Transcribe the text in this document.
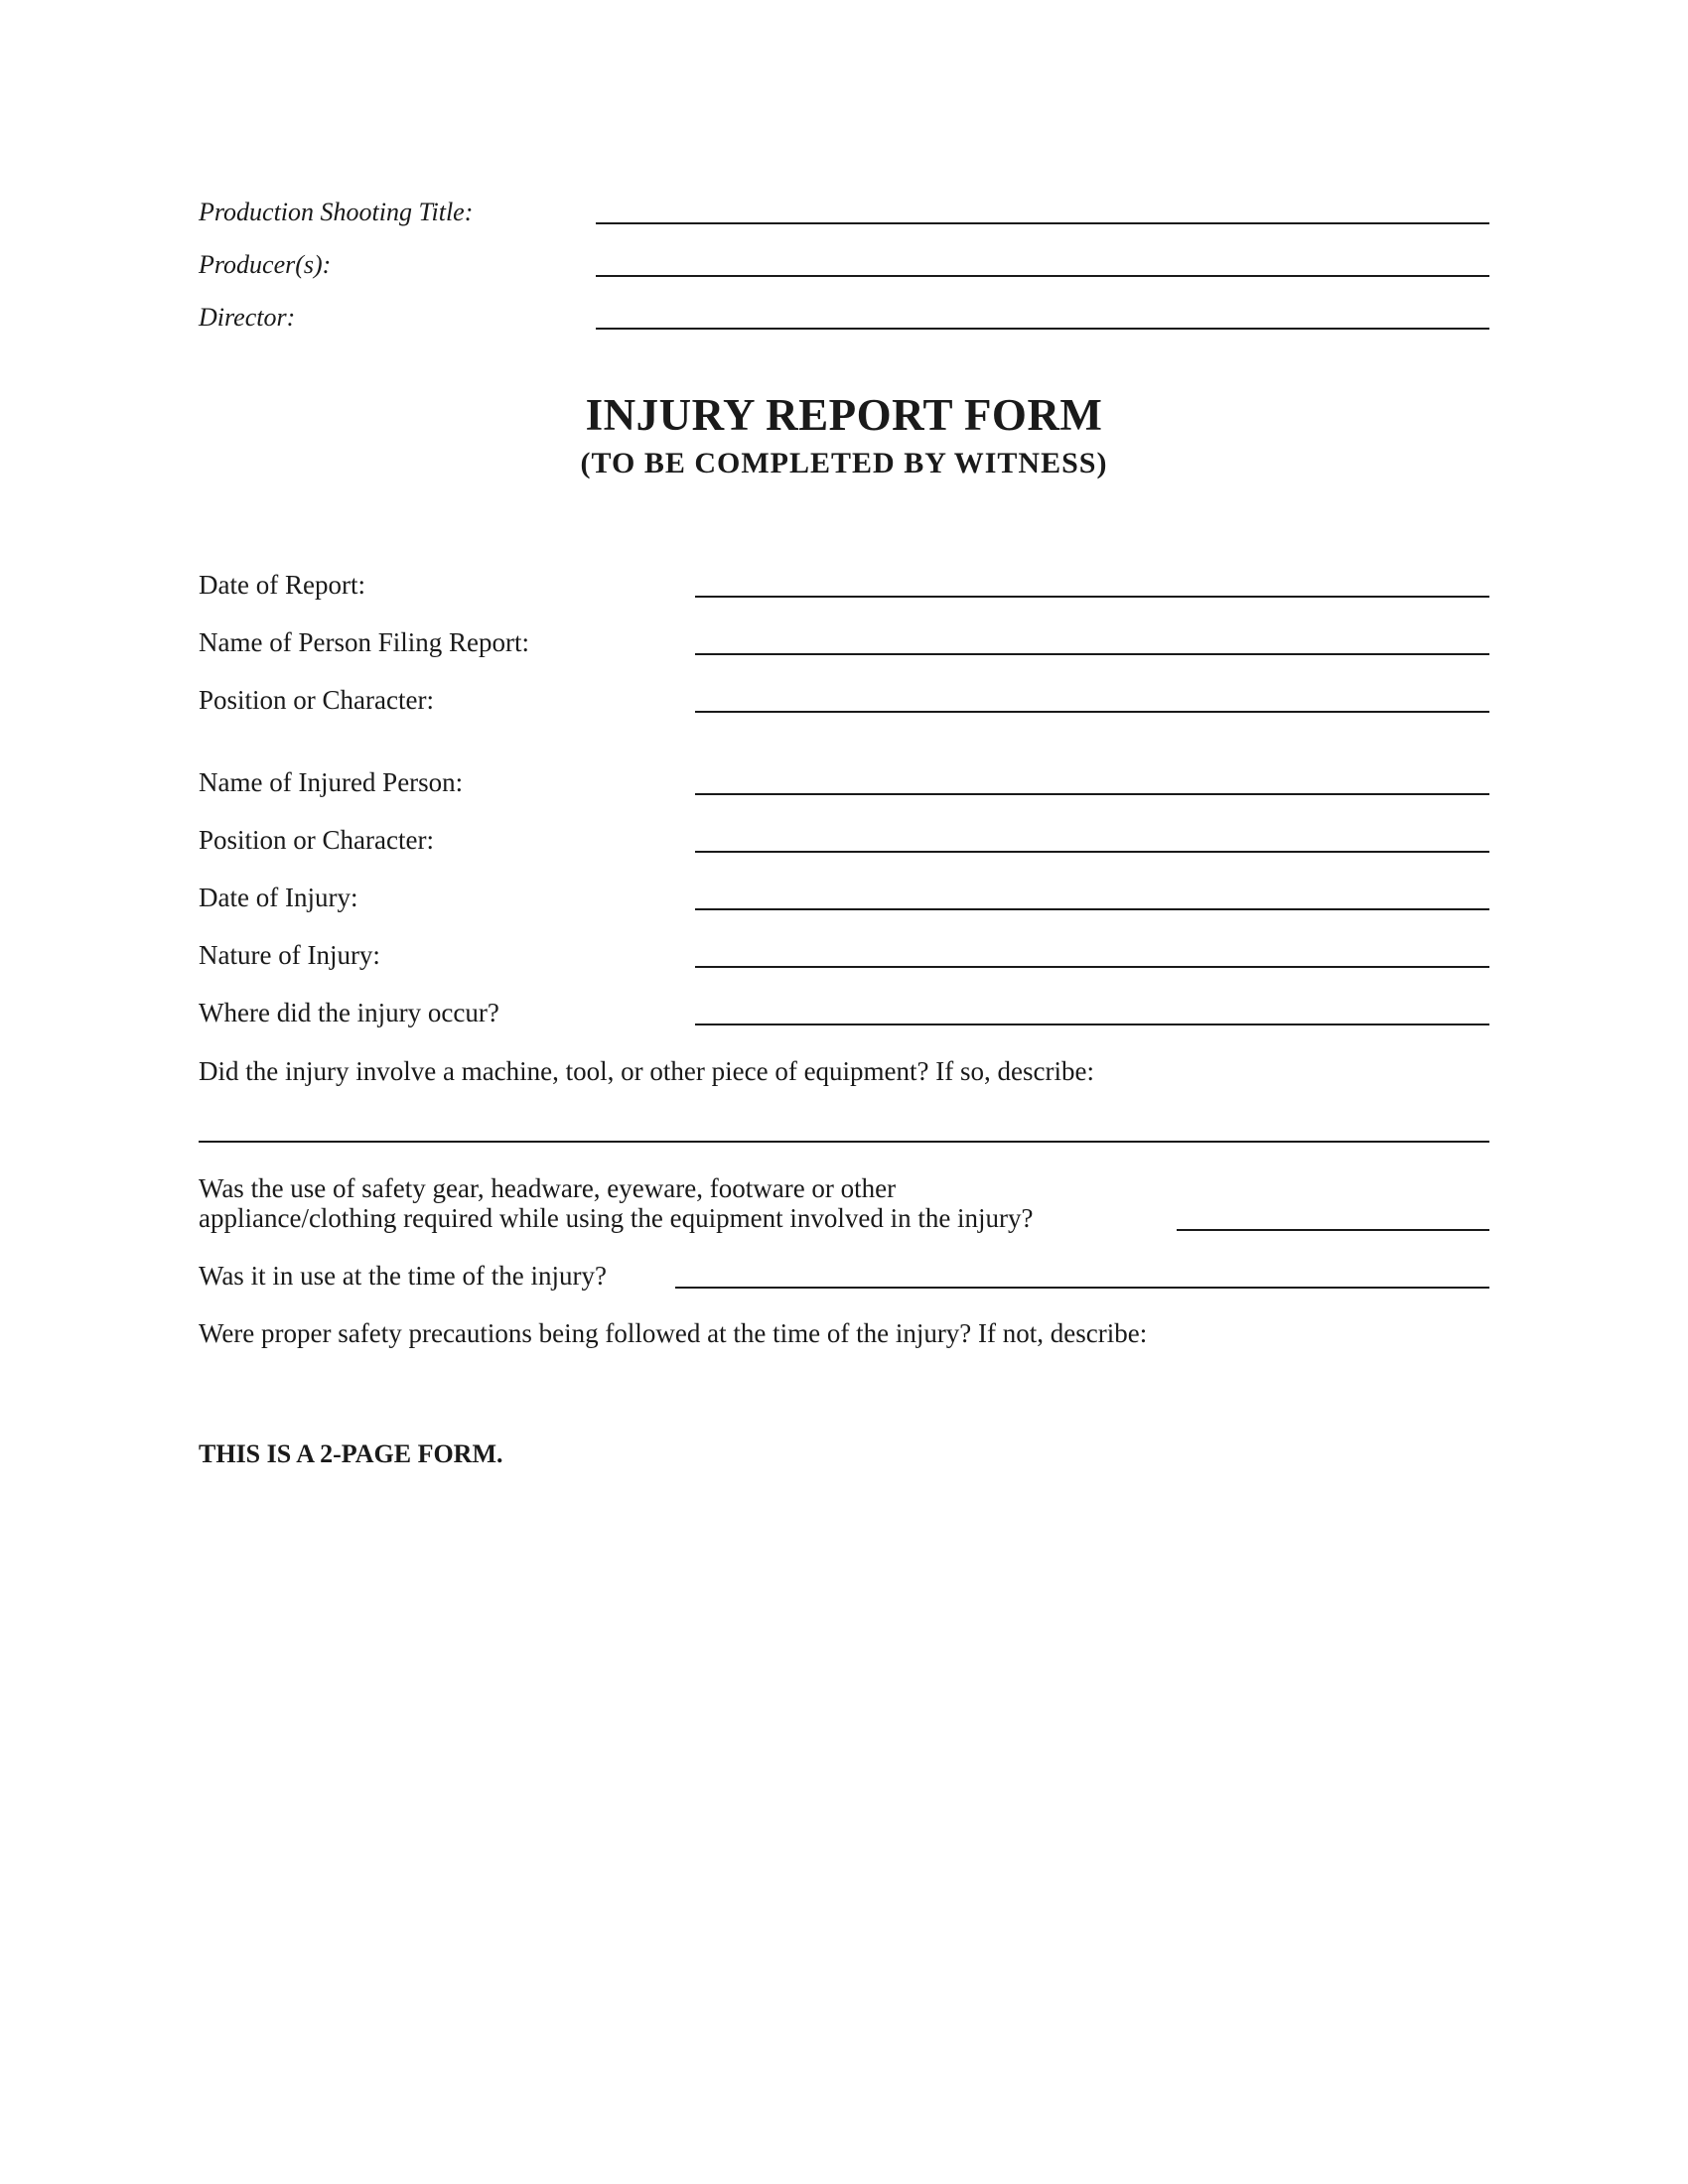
Production Shooting Title:
Producer(s):
Director:
INJURY REPORT FORM
(TO BE COMPLETED BY WITNESS)
Date of Report:
Name of Person Filing Report:
Position or Character:
Name of Injured Person:
Position or Character:
Date of Injury:
Nature of Injury:
Where did the injury occur?
Did the injury involve a machine, tool, or other piece of equipment? If so, describe:
Was the use of safety gear, headware, eyeware, footware or other
appliance/clothing required while using the equipment involved in the injury?
Was it in use at the time of the injury?
Were proper safety precautions being followed at the time of the injury? If not, describe:
THIS IS A 2-PAGE FORM.
